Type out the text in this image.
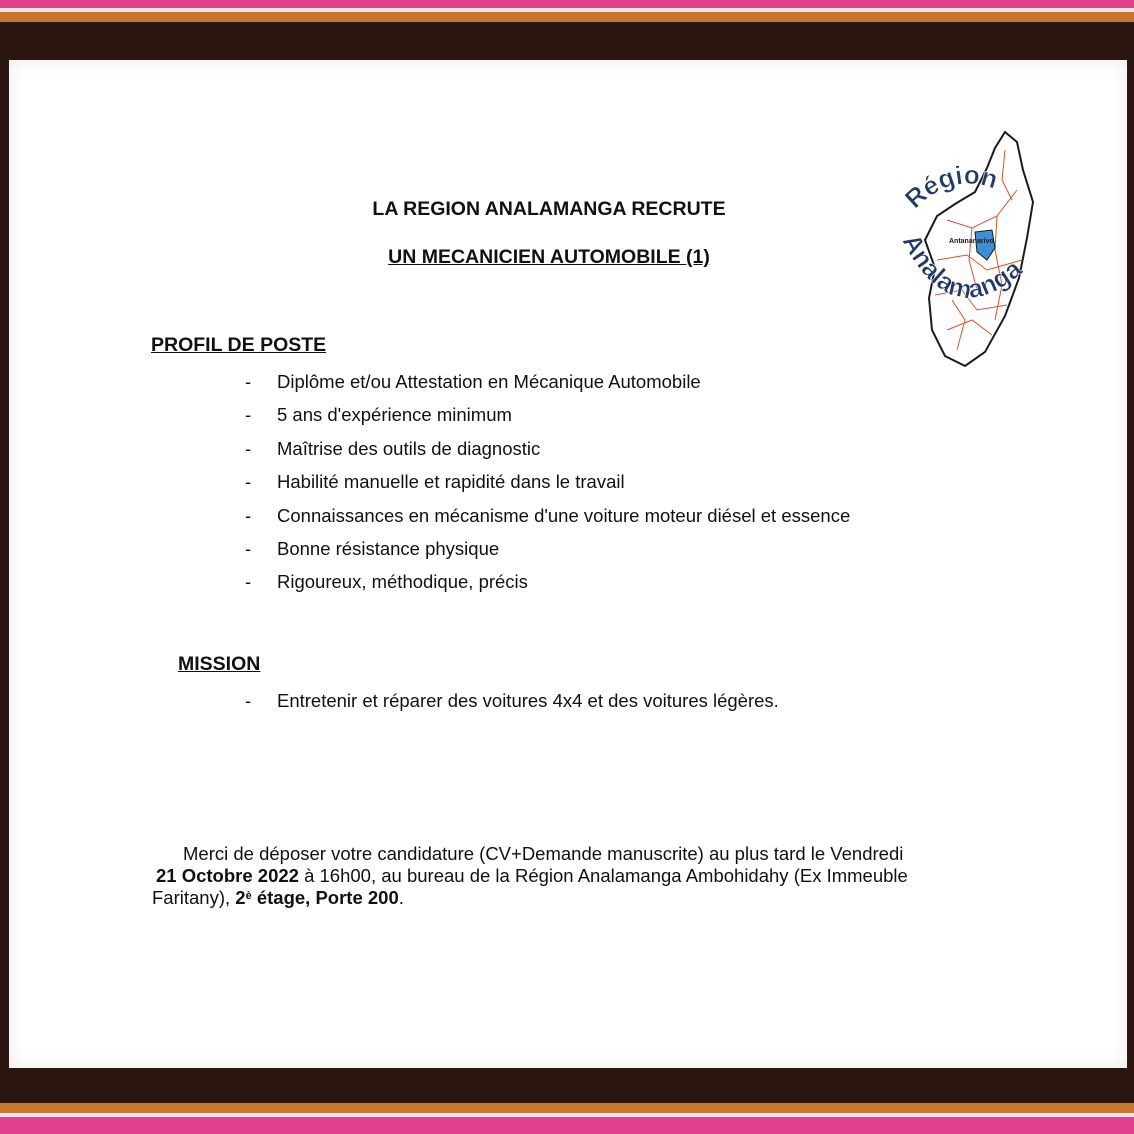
Région
Analamanga
Antananarivo
LA REGION ANALAMANGA RECRUTE
UN MECANICIEN AUTOMOBILE (1)
PROFIL DE POSTE
- Diplôme et/ou Attestation en Mécanique Automobile
- 5 ans d'expérience minimum
- Maîtrise des outils de diagnostic
- Habilité manuelle et rapidité dans le travail
- Connaissances en mécanisme d'une voiture moteur diésel et essence
- Bonne résistance physique
- Rigoureux, méthodique, précis
MISSION
- Entretenir et réparer des voitures 4x4 et des voitures légères.
Merci de déposer votre candidature (CV+Demande manuscrite) au plus tard le Vendredi
21 Octobre 2022 à 16h00, au bureau de la Région Analamanga Ambohidahy (Ex Immeuble
Faritany), $2^è$ étage, Porte 200.
